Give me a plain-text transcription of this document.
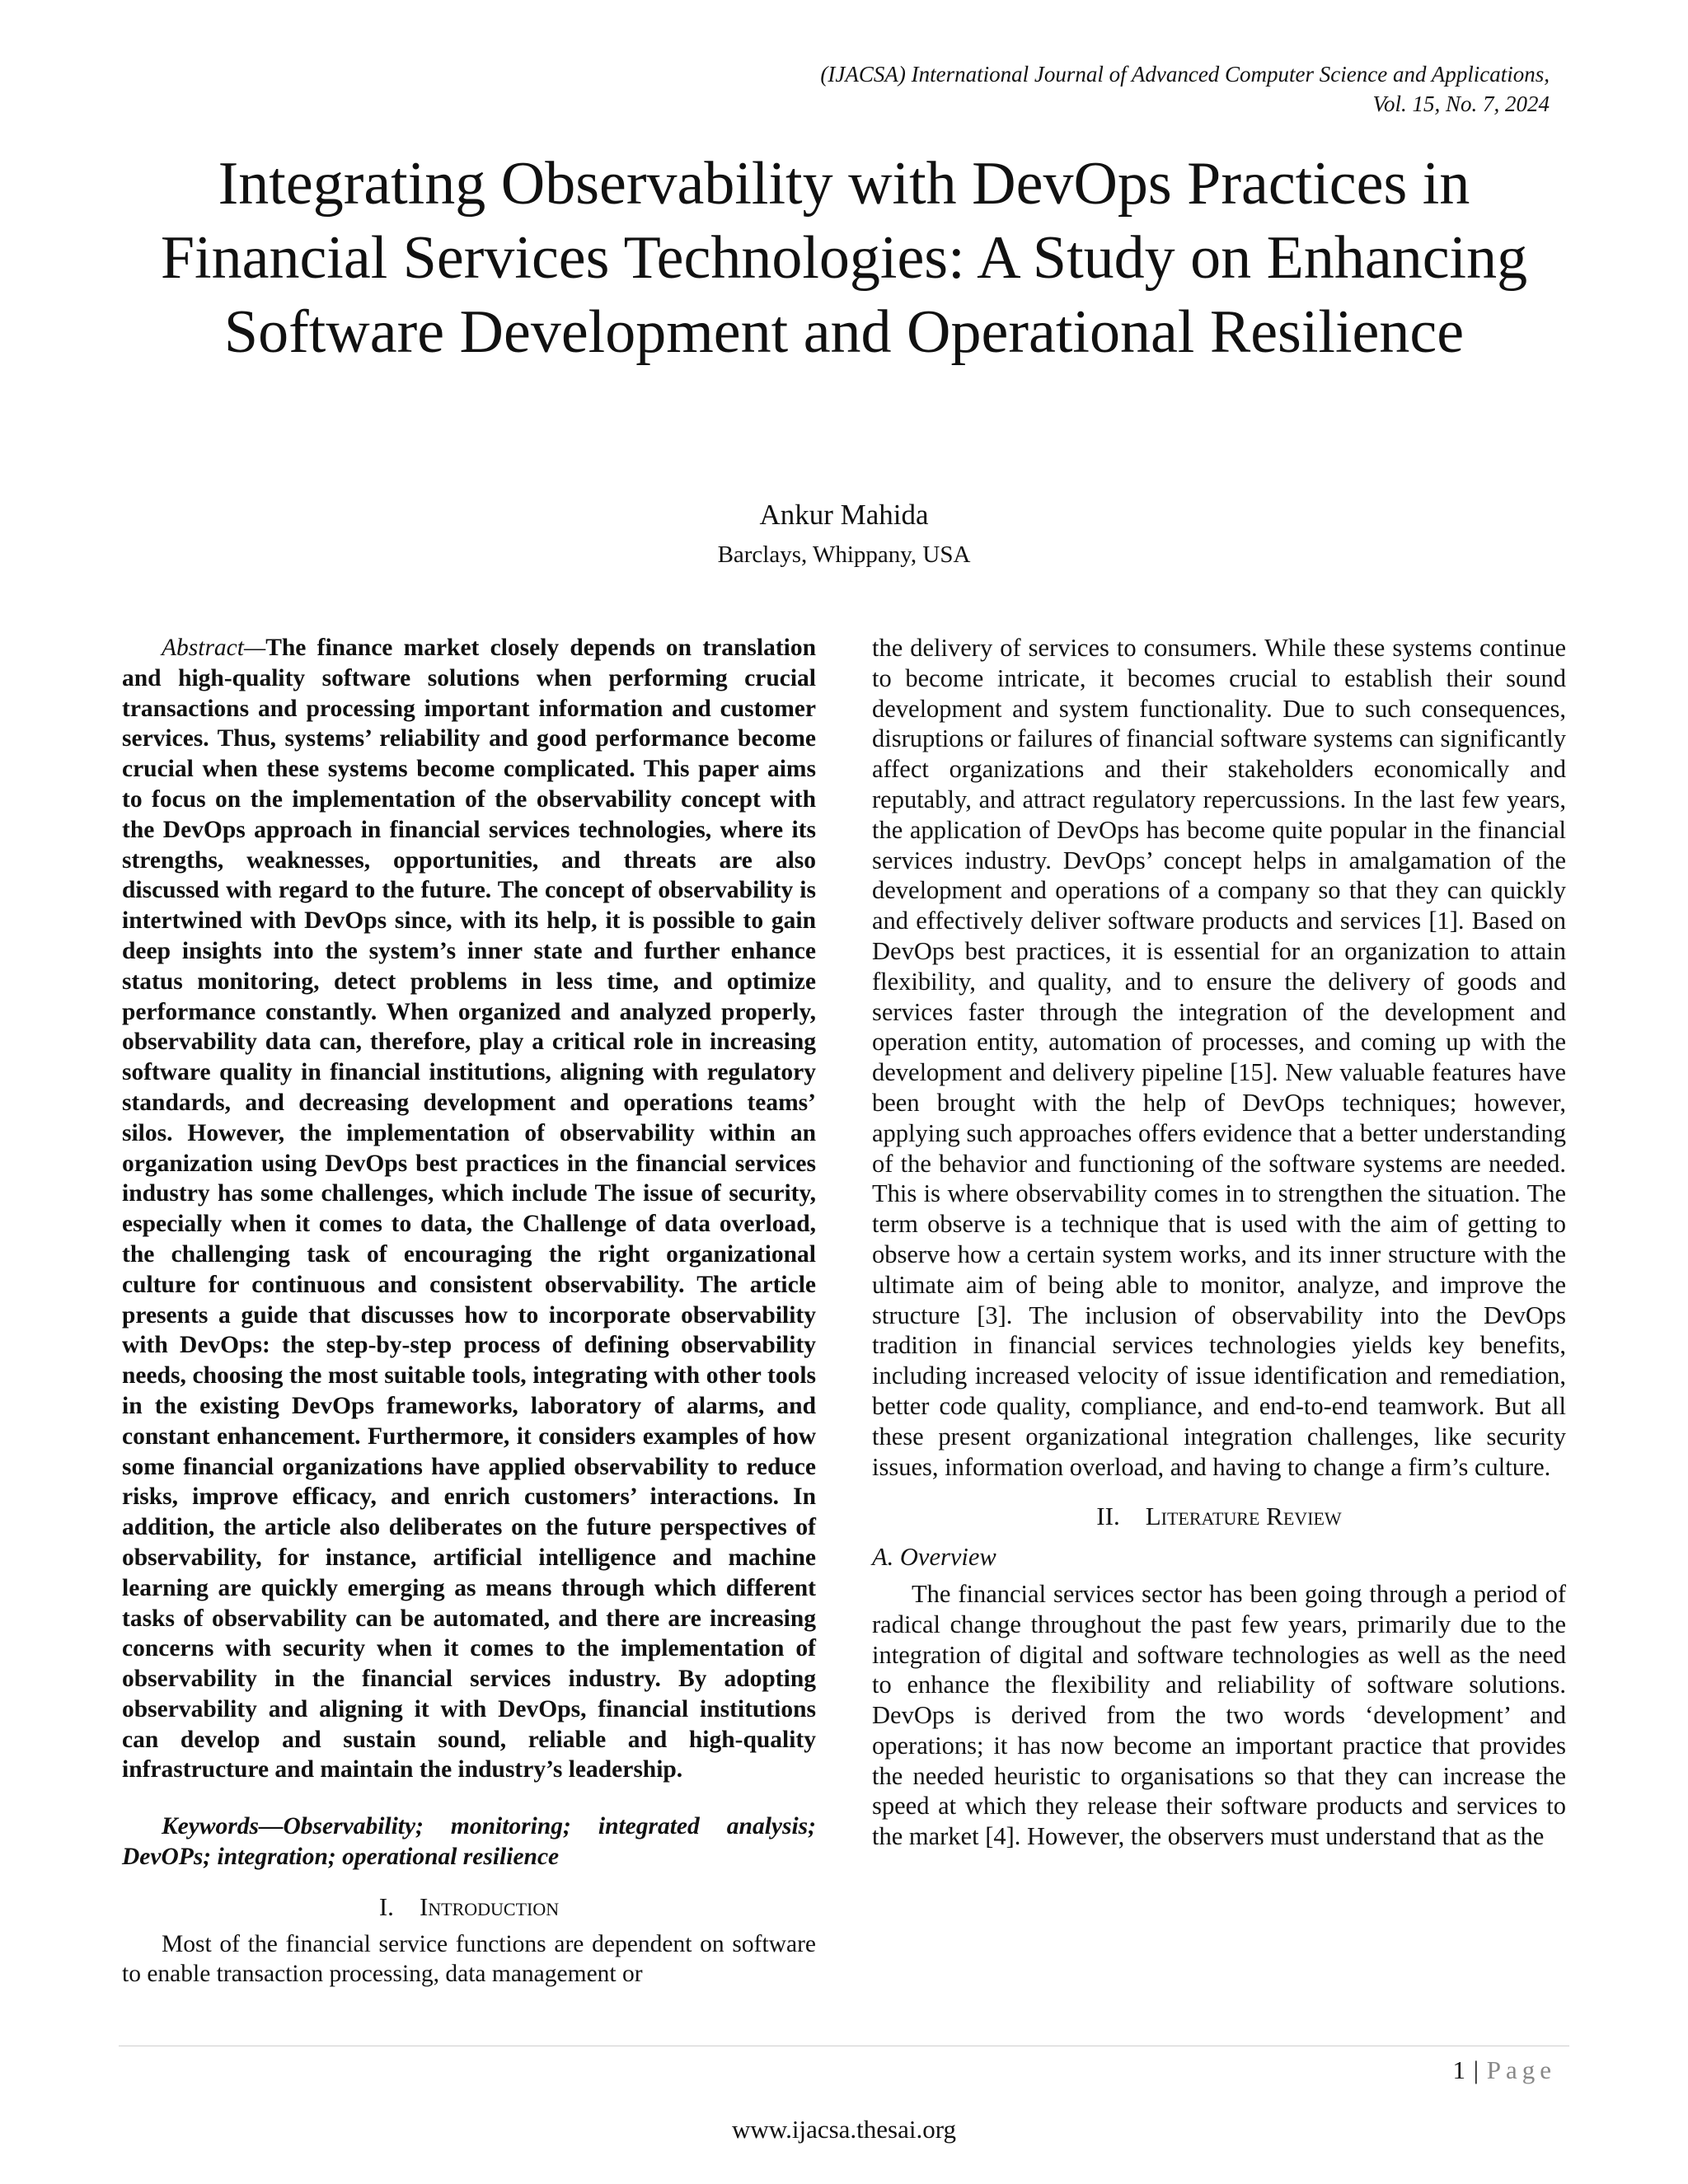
(IJACSA) International Journal of Advanced Computer Science and Applications,
Vol. 15, No. 7, 2024
Integrating Observability with DevOps Practices in Financial Services Technologies: A Study on Enhancing Software Development and Operational Resilience
Ankur Mahida
Barclays, Whippany, USA

Abstract—The finance market closely depends on translation and high-quality software solutions when performing crucial transactions and processing important information and customer services. Thus, systems’ reliability and good performance become crucial when these systems become complicated. This paper aims to focus on the implementation of the observability concept with the DevOps approach in financial services technologies, where its strengths, weaknesses, opportunities, and threats are also discussed with regard to the future. The concept of observability is intertwined with DevOps since, with its help, it is possible to gain deep insights into the system’s inner state and further enhance status monitoring, detect problems in less time, and optimize performance constantly. When organized and analyzed properly, observability data can, therefore, play a critical role in increasing software quality in financial institutions, aligning with regulatory standards, and decreasing development and operations teams’ silos. However, the implementation of observability within an organization using DevOps best practices in the financial services industry has some challenges, which include The issue of security, especially when it comes to data, the Challenge of data overload, the challenging task of encouraging the right organizational culture for continuous and consistent observability. The article presents a guide that discusses how to incorporate observability with DevOps: the step-by-step process of defining observability needs, choosing the most suitable tools, integrating with other tools in the existing DevOps frameworks, laboratory of alarms, and constant enhancement. Furthermore, it considers examples of how some financial organizations have applied observability to reduce risks, improve efficacy, and enrich customers’ interactions. In addition, the article also deliberates on the future perspectives of observability, for instance, artificial intelligence and machine learning are quickly emerging as means through which different tasks of observability can be automated, and there are increasing concerns with security when it comes to the implementation of observability in the financial services industry. By adopting observability and aligning it with DevOps, financial institutions can develop and sustain sound, reliable and high-quality infrastructure and maintain the industry’s leadership.

Keywords—Observability; monitoring; integrated analysis; DevOPs; integration; operational resilience

I. Introduction

Most of the financial service functions are dependent on software to enable transaction processing, data management or

the delivery of services to consumers. While these systems continue to become intricate, it becomes crucial to establish their sound development and system functionality. Due to such consequences, disruptions or failures of financial software systems can significantly affect organizations and their stakeholders economically and reputably, and attract regulatory repercussions. In the last few years, the application of DevOps has become quite popular in the financial services industry. DevOps’ concept helps in amalgamation of the development and operations of a company so that they can quickly and effectively deliver software products and services [1]. Based on DevOps best practices, it is essential for an organization to attain flexibility, and quality, and to ensure the delivery of goods and services faster through the integration of the development and operation entity, automation of processes, and coming up with the development and delivery pipeline [15]. New valuable features have been brought with the help of DevOps techniques; however, applying such approaches offers evidence that a better understanding of the behavior and functioning of the software systems are needed. This is where observability comes in to strengthen the situation. The term observe is a technique that is used with the aim of getting to observe how a certain system works, and its inner structure with the ultimate aim of being able to monitor, analyze, and improve the structure [3]. The inclusion of observability into the DevOps tradition in financial services technologies yields key benefits, including increased velocity of issue identification and remediation, better code quality, compliance, and end-to-end teamwork. But all these present organizational integration challenges, like security issues, information overload, and having to change a firm’s culture.

II. Literature Review

A. Overview

The financial services sector has been going through a period of radical change throughout the past few years, primarily due to the integration of digital and software technologies as well as the need to enhance the flexibility and reliability of software solutions. DevOps is derived from the two words ‘development’ and operations; it has now become an important practice that provides the needed heuristic to organisations so that they can increase the speed at which they release their software products and services to the market [4]. However, the observers must understand that as the

1 | Page
www.ijacsa.thesai.org
